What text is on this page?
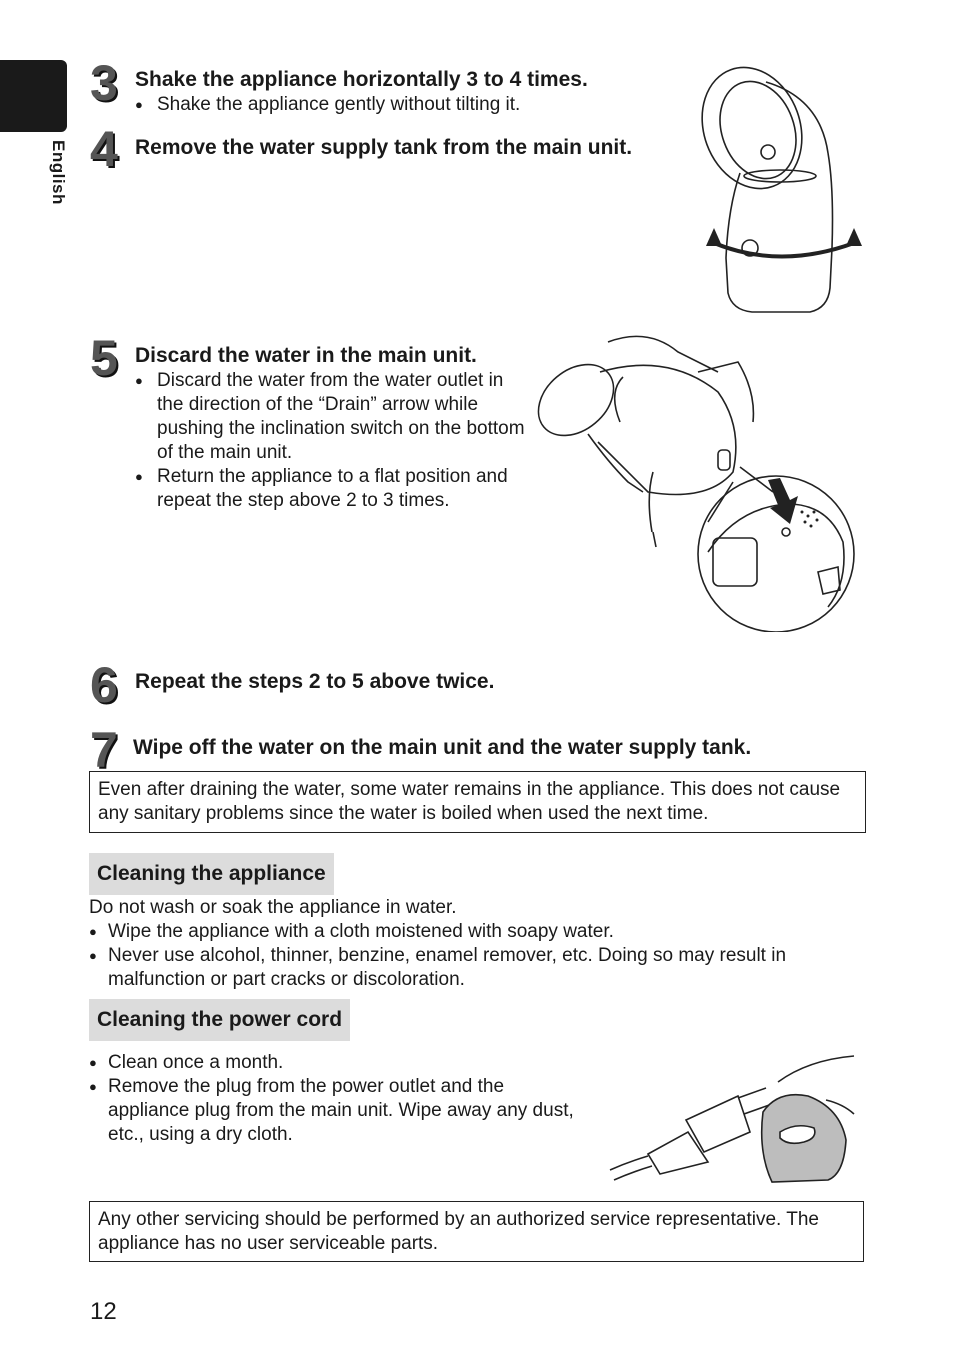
English
3 Shake the appliance horizontally 3 to 4 times.
● Shake the appliance gently without tilting it.
4 Remove the water supply tank from the main unit.
5 Discard the water in the main unit.
● Discard the water from the water outlet in the direction of the “Drain” arrow while pushing the inclination switch on the bottom of the main unit.
● Return the appliance to a flat position and repeat the step above 2 to 3 times.
6 Repeat the steps 2 to 5 above twice.
7 Wipe off the water on the main unit and the water supply tank.
Even after draining the water, some water remains in the appliance. This does not cause any sanitary problems since the water is boiled when used the next time.
Cleaning the appliance
Do not wash or soak the appliance in water.
● Wipe the appliance with a cloth moistened with soapy water.
● Never use alcohol, thinner, benzine, enamel remover, etc. Doing so may result in malfunction or part cracks or discoloration.
Cleaning the power cord
● Clean once a month.
● Remove the plug from the power outlet and the appliance plug from the main unit. Wipe away any dust, etc., using a dry cloth.
Any other servicing should be performed by an authorized service representative. The appliance has no user serviceable parts.
12
